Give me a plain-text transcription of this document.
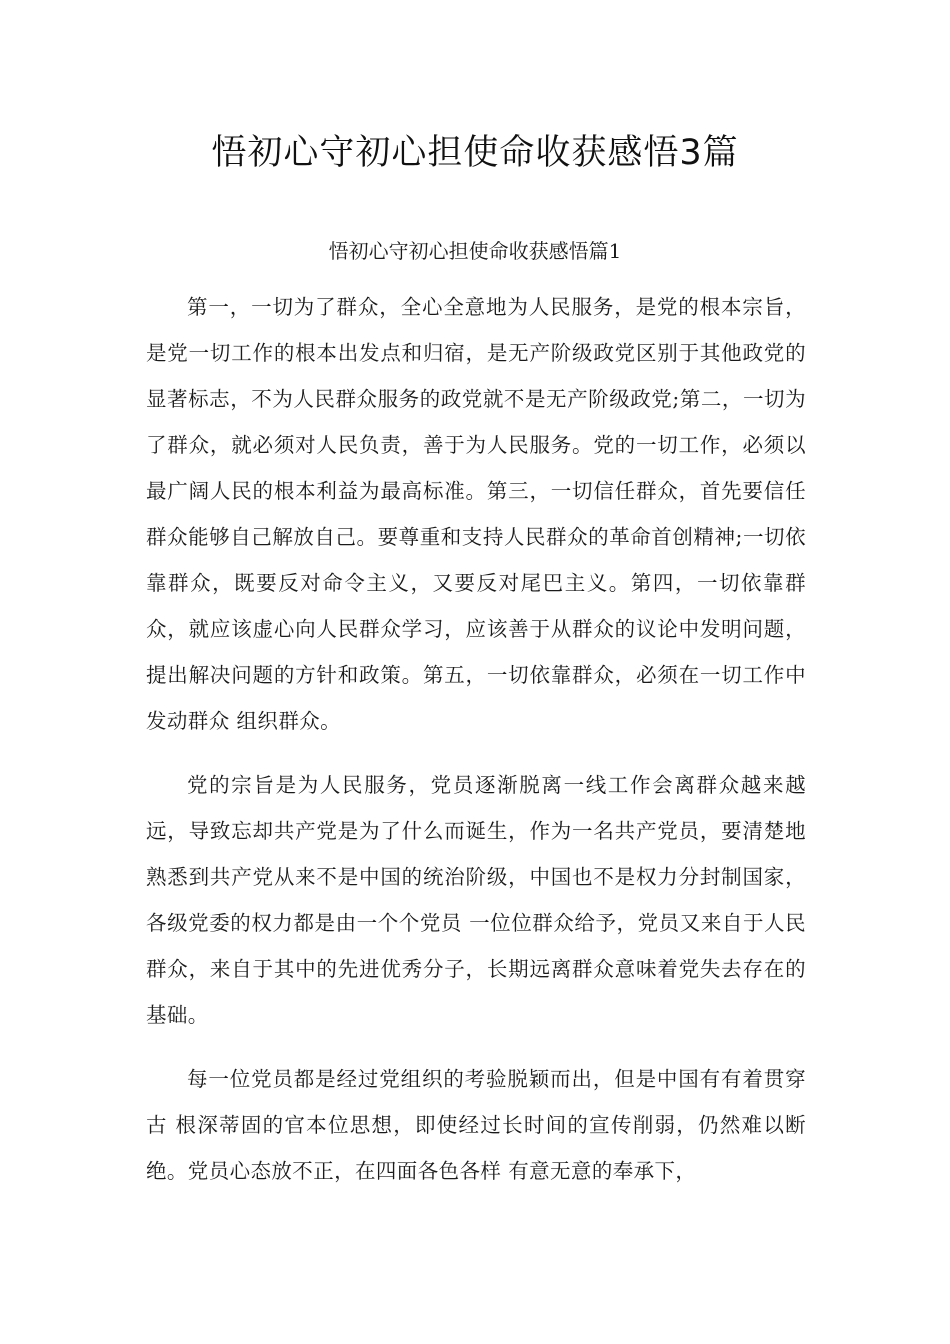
悟初心守初心担使命收获感悟3篇
悟初心守初心担使命收获感悟篇1

第一，一切为了群众，全心全意地为人民服务，是党的根本宗旨，是党一切工作的根本出发点和归宿，是无产阶级政党区别于其他政党的显著标志，不为人民群众服务的政党就不是无产阶级政党;第二，一切为了群众，就必须对人民负责，善于为人民服务。党的一切工作，必须以最广阔人民的根本利益为最高标准。第三，一切信任群众，首先要信任群众能够自己解放自己。要尊重和支持人民群众的革命首创精神;一切依靠群众，既要反对命令主义，又要反对尾巴主义。第四，一切依靠群众，就应该虚心向人民群众学习，应该善于从群众的议论中发明问题，提出解决问题的方针和政策。第五，一切依靠群众，必须在一切工作中发动群众 组织群众。

党的宗旨是为人民服务，党员逐渐脱离一线工作会离群众越来越远，导致忘却共产党是为了什么而诞生，作为一名共产党员，要清楚地熟悉到共产党从来不是中国的统治阶级，中国也不是权力分封制国家，各级党委的权力都是由一个个党员 一位位群众给予，党员又来自于人民群众，来自于其中的先进优秀分子，长期远离群众意味着党失去存在的基础。

每一位党员都是经过党组织的考验脱颖而出，但是中国有有着贯穿古 根深蒂固的官本位思想，即使经过长时间的宣传削弱，仍然难以断绝。党员心态放不正，在四面各色各样 有意无意的奉承下，
